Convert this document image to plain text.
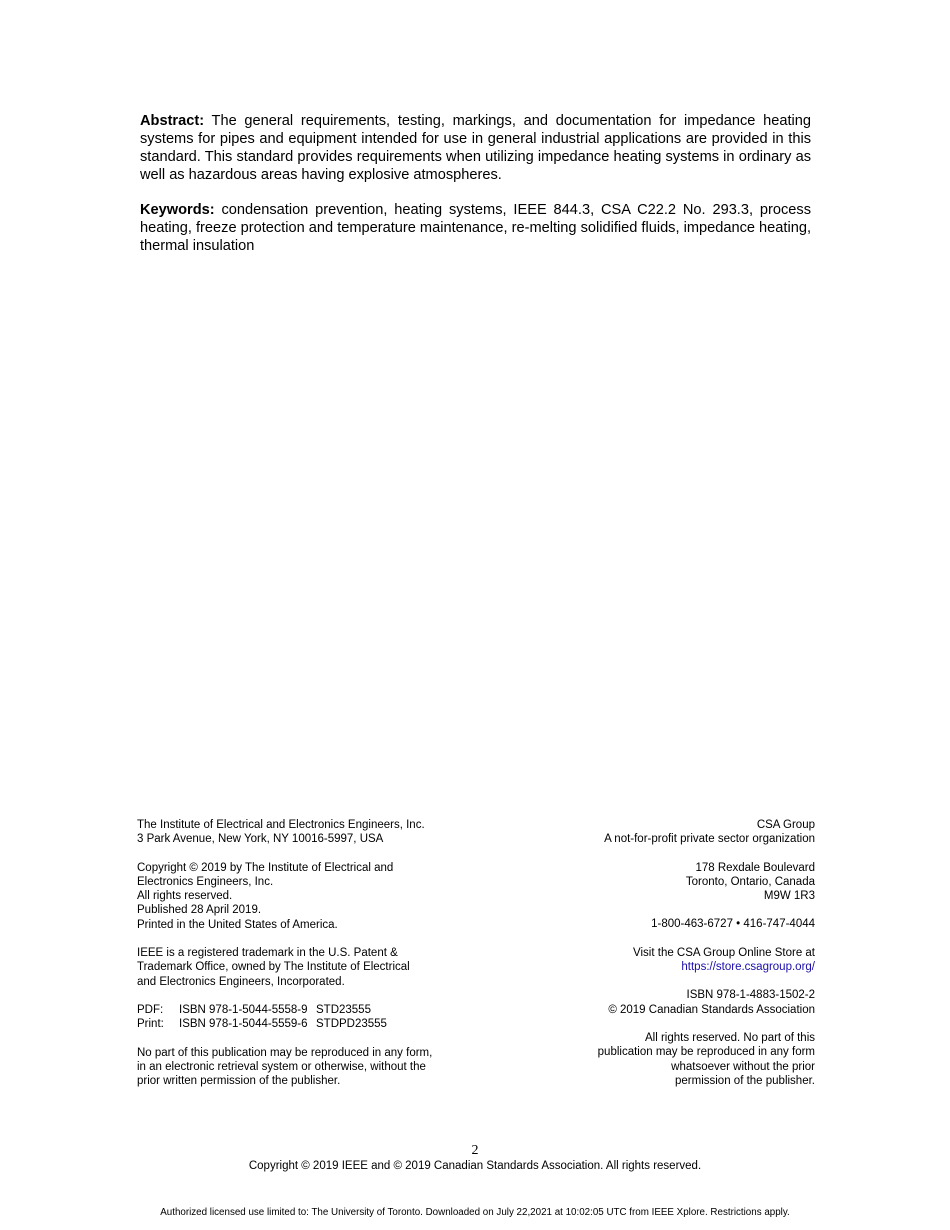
Abstract: The general requirements, testing, markings, and documentation for impedance heating systems for pipes and equipment intended for use in general industrial applications are provided in this standard. This standard provides requirements when utilizing impedance heating systems in ordinary as well as hazardous areas having explosive atmospheres.
Keywords: condensation prevention, heating systems, IEEE 844.3, CSA C22.2 No. 293.3, process heating, freeze protection and temperature maintenance, re-melting solidified fluids, impedance heating, thermal insulation

The Institute of Electrical and Electronics Engineers, Inc.
3 Park Avenue, New York, NY 10016-5997, USA

Copyright © 2019 by The Institute of Electrical and
Electronics Engineers, Inc.
All rights reserved.
Published 28 April 2019.
Printed in the United States of America.

IEEE is a registered trademark in the U.S. Patent &
Trademark Office, owned by The Institute of Electrical
and Electronics Engineers, Incorporated.

PDF: ISBN 978-1-5044-5558-9 STD23555
Print: ISBN 978-1-5044-5559-6 STDPD23555

No part of this publication may be reproduced in any form,
in an electronic retrieval system or otherwise, without the
prior written permission of the publisher.

CSA Group
A not-for-profit private sector organization

178 Rexdale Boulevard
Toronto, Ontario, Canada
M9W 1R3

1-800-463-6727 • 416-747-4044

Visit the CSA Group Online Store at
https://store.csagroup.org/

ISBN 978-1-4883-1502-2
© 2019 Canadian Standards Association

All rights reserved. No part of this
publication may be reproduced in any form
whatsoever without the prior
permission of the publisher.

2
Copyright © 2019 IEEE and © 2019 Canadian Standards Association. All rights reserved.
Authorized licensed use limited to: The University of Toronto. Downloaded on July 22,2021 at 10:02:05 UTC from IEEE Xplore. Restrictions apply.
